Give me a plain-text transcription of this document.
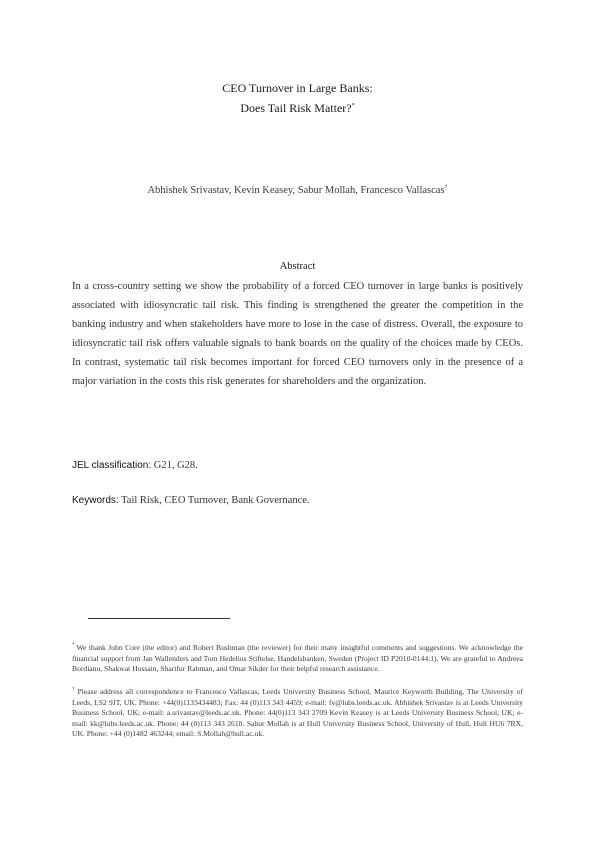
CEO Turnover in Large Banks:
Does Tail Risk Matter?*
Abhishek Srivastav, Kevin Keasey, Sabur Mollah, Francesco Vallascas†
Abstract
In a cross-country setting we show the probability of a forced CEO turnover in large banks is positively associated with idiosyncratic tail risk. This finding is strengthened the greater the competition in the banking industry and when stakeholders have more to lose in the case of distress. Overall, the exposure to idiosyncratic tail risk offers valuable signals to bank boards on the quality of the choices made by CEOs. In contrast, systematic tail risk becomes important for forced CEO turnovers only in the presence of a major variation in the costs this risk generates for shareholders and the organization.
JEL classification: G21, G28.
Keywords: Tail Risk, CEO Turnover, Bank Governance.
* We thank John Core (the editor) and Robert Bushman (the reviewer) for their many insightful comments and suggestions. We acknowledge the financial support from Jan Wallenders and Tom Hedelius Stiftelse, Handelsbanken, Sweden (Project ID P2010-0144:1). We are grateful to Andreea Bordianu, Shakwat Hossain, Sharifur Rahman, and Omar Sikder for their helpful research assistance.
† Please address all correspondence to Francesco Vallascas, Leeds University Business School, Maurice Keyworth Building, The University of Leeds, LS2 9JT, UK. Phone: +44(0)1133434483; Fax: 44 (0)113 343 4459; e-mail: fv@lubs.leeds.ac.uk. Abhishek Srivastav is at Leeds University Business School, UK; e-mail: a.srivastav@leeds.ac.uk. Phone: 44(0)113 343 2709 Kevin Keasey is at Leeds University Business School, UK; e-mail: kk@lubs.leeds.ac.uk. Phone: 44 (0)113 343 2618. Sabur Mollah is at Hull University Business School, University of Hull, Hull HU6 7RX, UK. Phone: +44 (0)1482 463244; email: S.Mollah@hull.ac.uk.
